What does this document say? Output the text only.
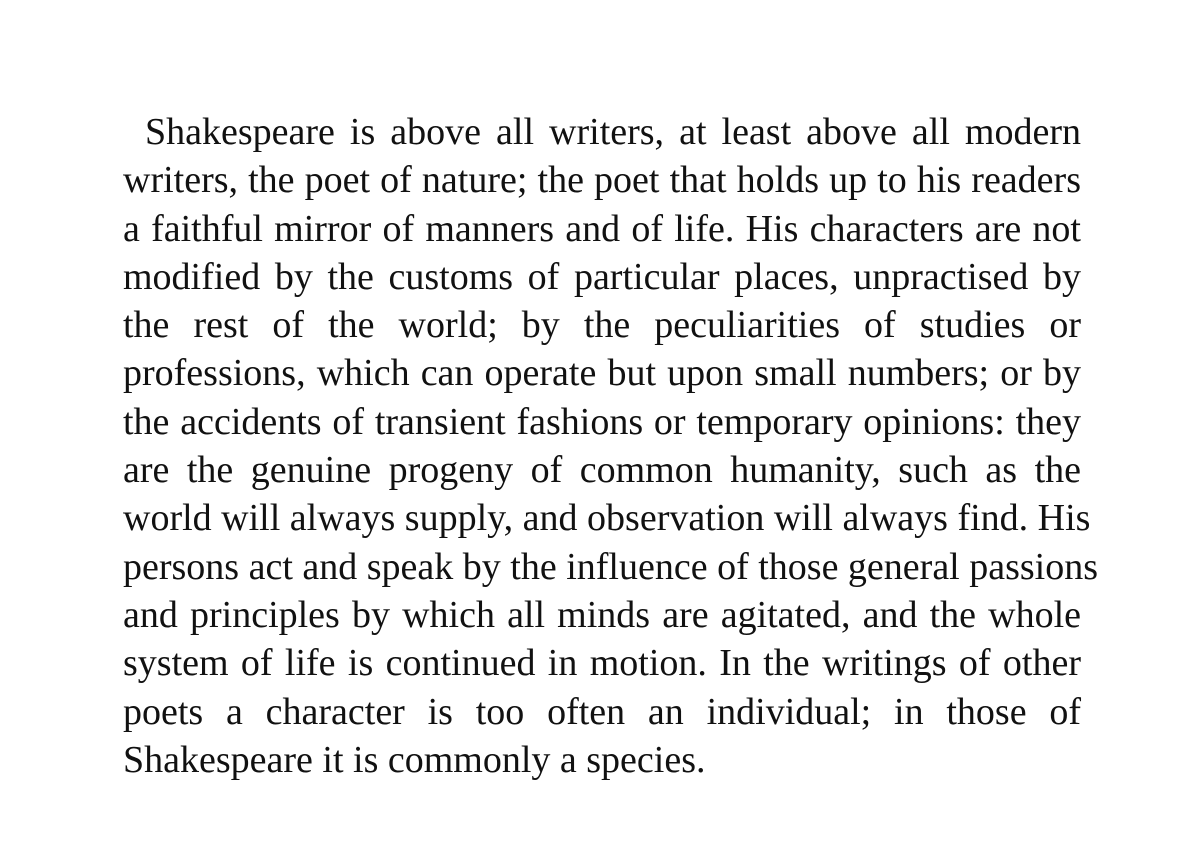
Shakespeare is above all writers, at least above all modern
writers, the poet of nature; the poet that holds up to his readers
a faithful mirror of manners and of life. His characters are not
modified by the customs of particular places, unpractised by
the rest of the world; by the peculiarities of studies or
professions, which can operate but upon small numbers; or by
the accidents of transient fashions or temporary opinions: they
are the genuine progeny of common humanity, such as the
world will always supply, and observation will always find. His
persons act and speak by the influence of those general passions
and principles by which all minds are agitated, and the whole
system of life is continued in motion. In the writings of other
poets a character is too often an individual; in those of
Shakespeare it is commonly a species.
